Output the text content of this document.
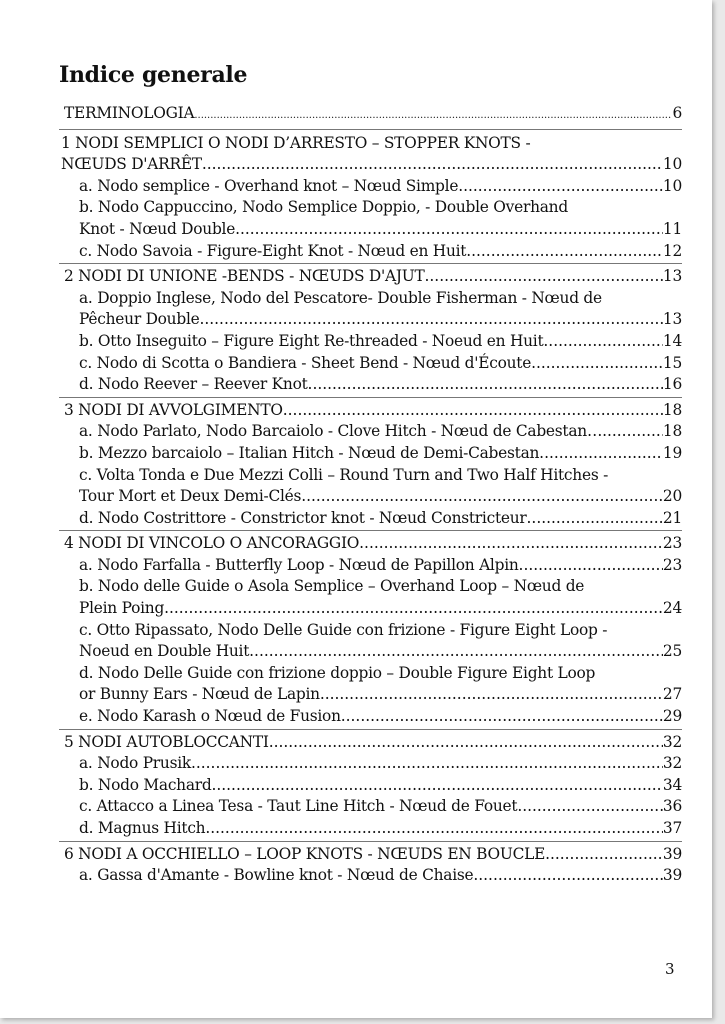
Indice generale
TERMINOLOGIA .....	6
1 NODI SEMPLICI O NODI D’ARRESTO – STOPPER KNOTS -
NŒUDS D'ARRÊT .....	10
a. Nodo semplice - Overhand knot – Nœud Simple .....	10
b. Nodo Cappuccino, Nodo Semplice Doppio, - Double Overhand
Knot - Nœud Double .....	11
c. Nodo Savoia - Figure-Eight Knot - Nœud en Huit .....	12
2 NODI DI UNIONE -BENDS - NŒUDS D'AJUT .....	13
a. Doppio Inglese, Nodo del Pescatore- Double Fisherman - Nœud de
Pêcheur Double .....	13
b. Otto Inseguito – Figure Eight Re-threaded - Noeud en Huit .....	14
c. Nodo di Scotta o Bandiera - Sheet Bend - Nœud d'Écoute .....	15
d. Nodo Reever – Reever Knot .....	16
3 NODI DI AVVOLGIMENTO .....	18
a. Nodo Parlato, Nodo Barcaiolo - Clove Hitch - Nœud de Cabestan… .....	18
b. Mezzo barcaiolo – Italian Hitch - Nœud de Demi-Cabestan .....	19
c. Volta Tonda e Due Mezzi Colli – Round Turn and Two Half Hitches -
Tour Mort et Deux Demi-Clés .....	20
d. Nodo Costrittore - Constrictor knot - Nœud Constricteur .....	21
4 NODI DI VINCOLO O ANCORAGGIO .....	23
a. Nodo Farfalla - Butterfly Loop - Nœud de Papillon Alpin .....	23
b. Nodo delle Guide o Asola Semplice – Overhand Loop – Nœud de
Plein Poing .....	24
c. Otto Ripassato, Nodo Delle Guide con frizione - Figure Eight Loop -
Noeud en Double Huit .....	25
d. Nodo Delle Guide con frizione doppio – Double Figure Eight Loop
or Bunny Ears - Nœud de Lapin .....	27
e. Nodo Karash o Nœud de Fusion .....	29
5 NODI AUTOBLOCCANTI .....	32
a. Nodo Prusik .....	32
b. Nodo Machard .....	34
c. Attacco a Linea Tesa - Taut Line Hitch - Nœud de Fouet .....	36
d. Magnus Hitch .....	37
6 NODI A OCCHIELLO – LOOP KNOTS - NŒUDS EN BOUCLE .....	39
a. Gassa d'Amante - Bowline knot - Nœud de Chaise .....	39
3
